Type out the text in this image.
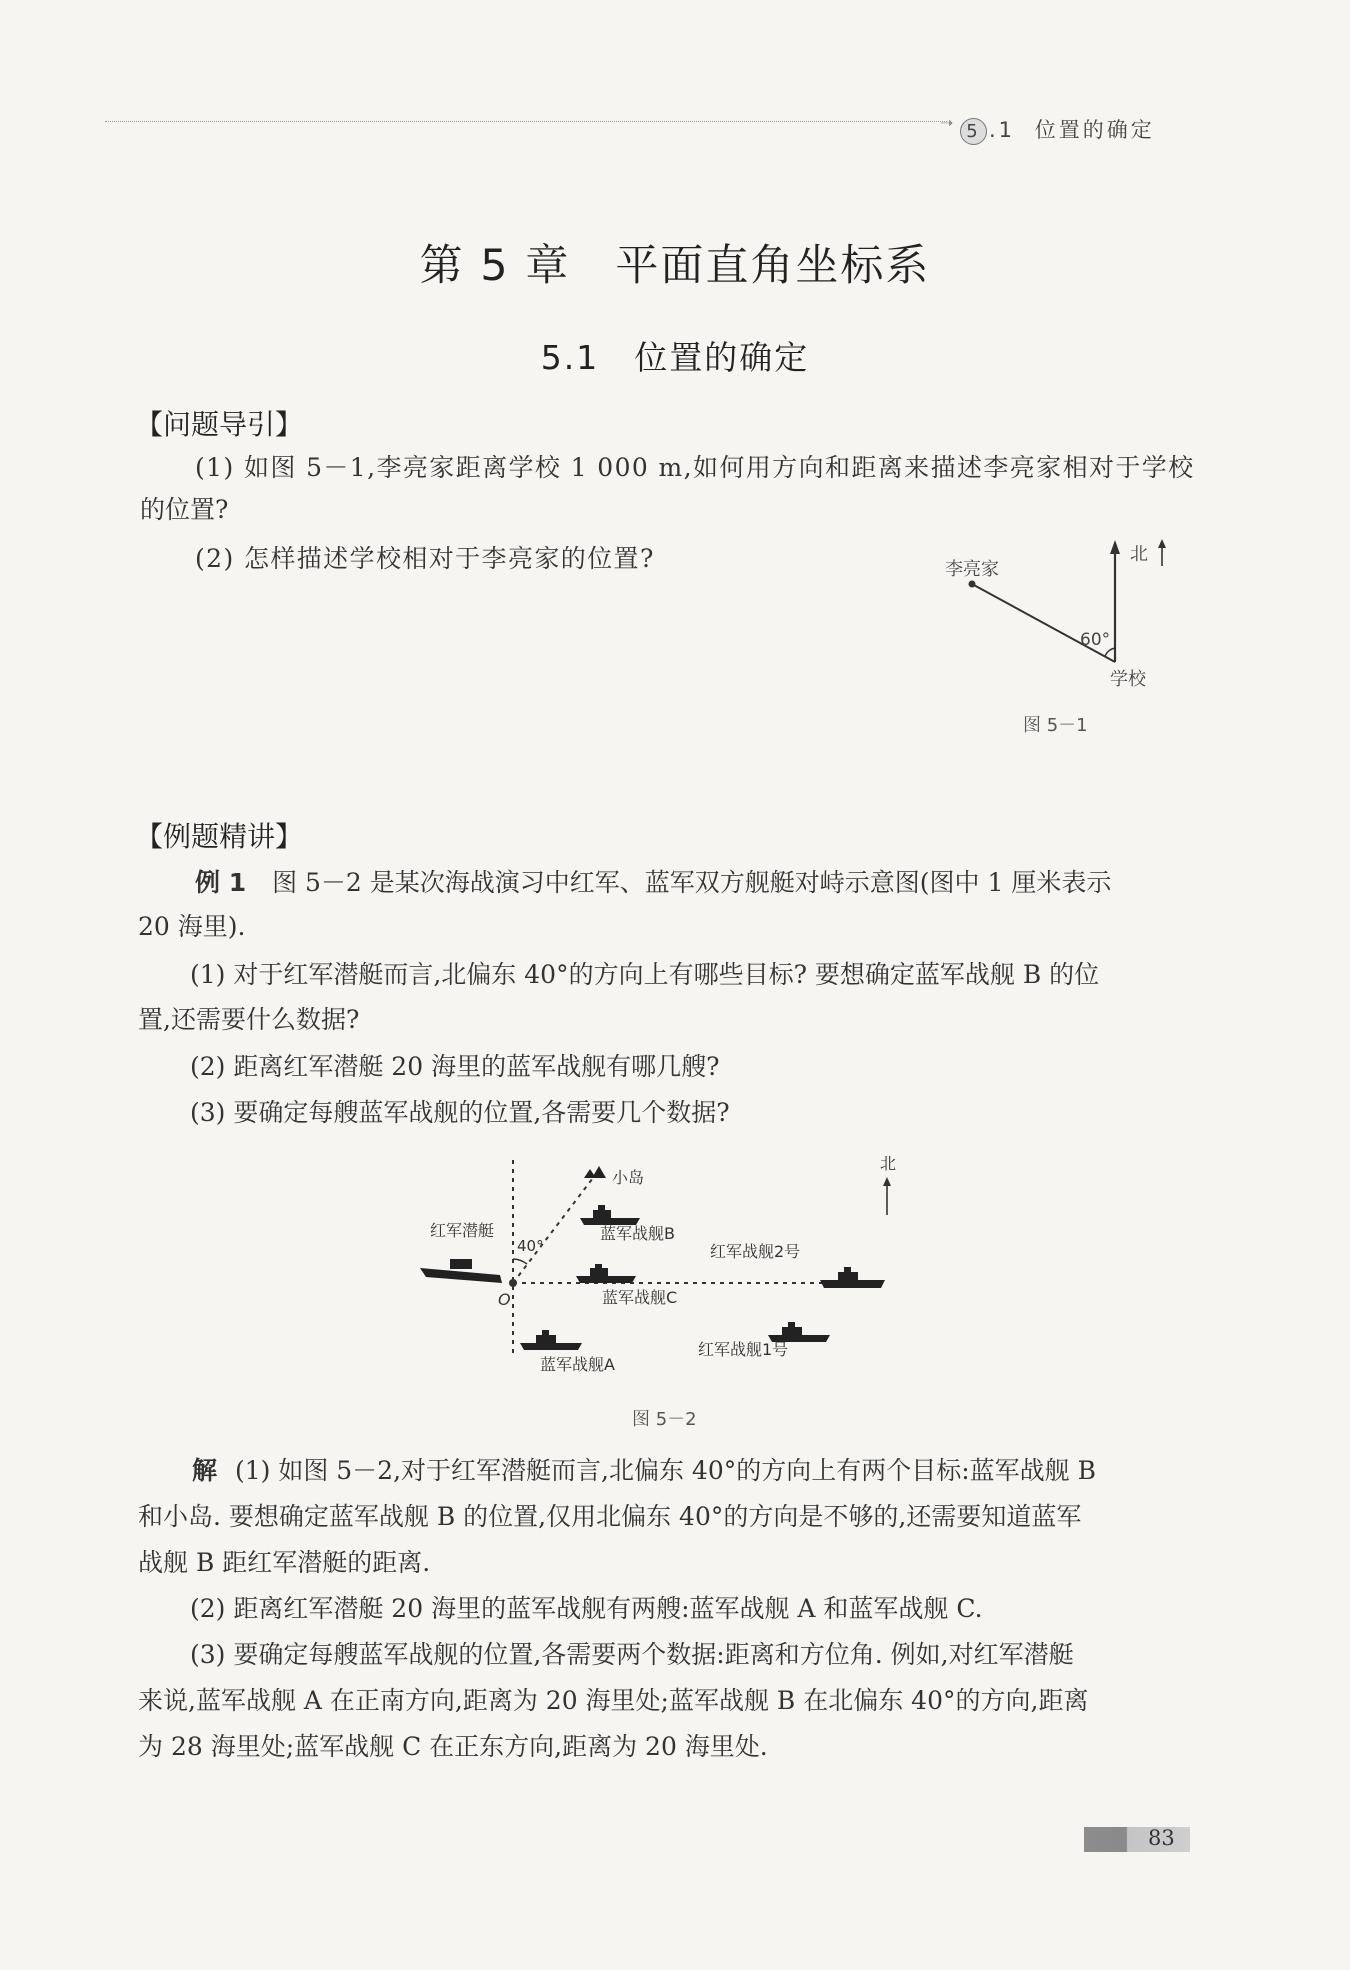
➝ 5 .1 位置的确定
第 5 章　平面直角坐标系
5.1　位置的确定
【问题导引】
(1) 如图 5－1,李亮家距离学校 1 000 m,如何用方向和距离来描述李亮家相对于学校
的位置?
(2) 怎样描述学校相对于李亮家的位置?	李亮家
北
60°
学校
图 5－1
【例题精讲】
例 1 图 5－2 是某次海战演习中红军、蓝军双方舰艇对峙示意图(图中 1 厘米表示
20 海里).
(1) 对于红军潜艇而言,北偏东 40°的方向上有哪些目标? 要想确定蓝军战舰 B 的位
置,还需要什么数据?
(2) 距离红军潜艇 20 海里的蓝军战舰有哪几艘?
(3) 要确定每艘蓝军战舰的位置,各需要几个数据?
小岛
红军潜艇
40°
蓝军战舰B
红军战舰2号
O	蓝军战舰C
红军战舰1号
蓝军战舰A
北
图 5－2
解 (1) 如图 5－2,对于红军潜艇而言,北偏东 40°的方向上有两个目标:蓝军战舰 B
和小岛. 要想确定蓝军战舰 B 的位置,仅用北偏东 40°的方向是不够的,还需要知道蓝军
战舰 B 距红军潜艇的距离.
(2) 距离红军潜艇 20 海里的蓝军战舰有两艘:蓝军战舰 A 和蓝军战舰 C.
(3) 要确定每艘蓝军战舰的位置,各需要两个数据:距离和方位角. 例如,对红军潜艇
来说,蓝军战舰 A 在正南方向,距离为 20 海里处;蓝军战舰 B 在北偏东 40°的方向,距离
为 28 海里处;蓝军战舰 C 在正东方向,距离为 20 海里处.
83
